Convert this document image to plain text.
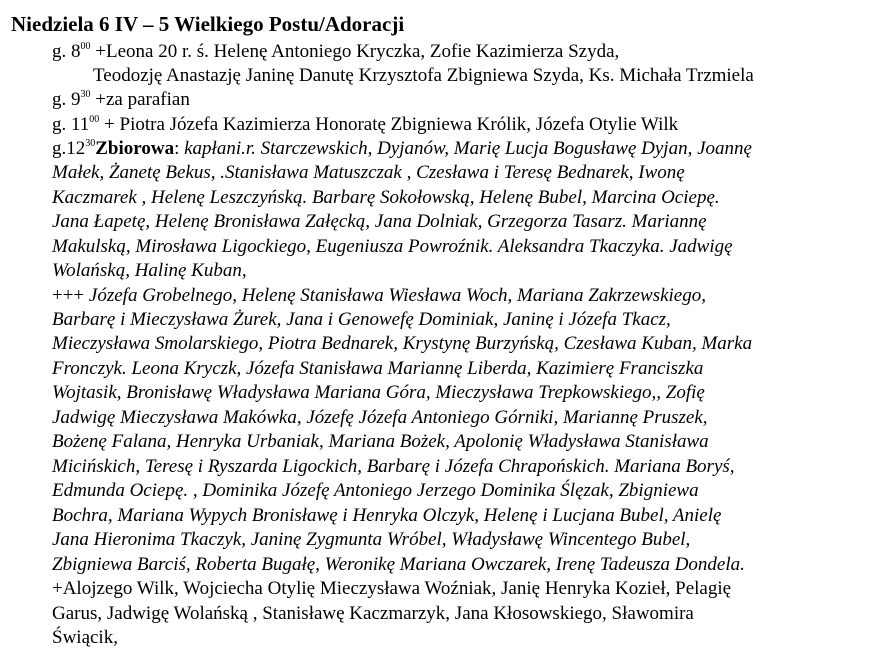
Niedziela 6 IV – 5 Wielkiego Postu/Adoracji
g. $8^{00}$ +Leona 20 r. ś. Helenę Antoniego Kryczka, Zofie Kazimierza Szyda,
Teodozję Anastazję Janinę Danutę Krzysztofa Zbigniewa Szyda, Ks. Michała Trzmiela
g. $9^{30} +za$ parafian
g. $11^{00}$ + Piotra Józefa Kazimierza Honoratę Zbigniewa Królik, Józefa Otylie Wilk
$g.12^{30}Zbiorowa$: kapłani.r. Starczewskich, Dyjanów, Marię Lucja Bogusławę Dyjan, Joannę
Małek, Żanetę Bekus, .Stanisława Matuszczak , Czesława i Teresę Bednarek, Iwonę
Kaczmarek , Helenę Leszczyńską. Barbarę Sokołowską, Helenę Bubel, Marcina Ociepę.
Jana Łapetę, Helenę Bronisława Załęcką, Jana Dolniak, Grzegorza Tasarz. Mariannę
Makulską, Mirosława Ligockiego, Eugeniusza Powroźnik. Aleksandra Tkaczyka. Jadwigę
Wolańską, Halinę Kuban,
+++ Józefa Grobelnego, Helenę Stanisława Wiesława Woch, Mariana Zakrzewskiego,
Barbarę i Mieczysława Żurek, Jana i Genowefę Dominiak, Janinę i Józefa Tkacz,
Mieczysława Smolarskiego, Piotra Bednarek, Krystynę Burzyńską, Czesława Kuban, Marka
Fronczyk. Leona Kryczk, Józefa Stanisława Mariannę Liberda, Kazimierę Franciszka
Wojtasik, Bronisławę Władysława Mariana Góra, Mieczysława Trepkowskiego,, Zofię
Jadwigę Mieczysława Makówka, Józefę Józefa Antoniego Górniki, Mariannę Pruszek,
Bożenę Falana, Henryka Urbaniak, Mariana Bożek, Apolonię Władysława Stanisława
Micińskich, Teresę i Ryszarda Ligockich, Barbarę i Józefa Chrapońskich. Mariana Boryś,
Edmunda Ociepę. , Dominika Józefę Antoniego Jerzego Dominika Ślęzak, Zbigniewa
Bochra, Mariana Wypych Bronisławę i Henryka Olczyk, Helenę i Lucjana Bubel, Anielę
Jana Hieronima Tkaczyk, Janinę Zygmunta Wróbel, Władysławę Wincentego Bubel,
Zbigniewa Barciś, Roberta Bugałę, Weronikę Mariana Owczarek, Irenę Tadeusza Dondela.
+Alojzego Wilk, Wojciecha Otylię Mieczysława Woźniak, Janię Henryka Kozieł, Pelagię
Garus, Jadwigę Wolańską , Stanisławę Kaczmarzyk, Jana Kłosowskiego, Sławomira
Świącik,
